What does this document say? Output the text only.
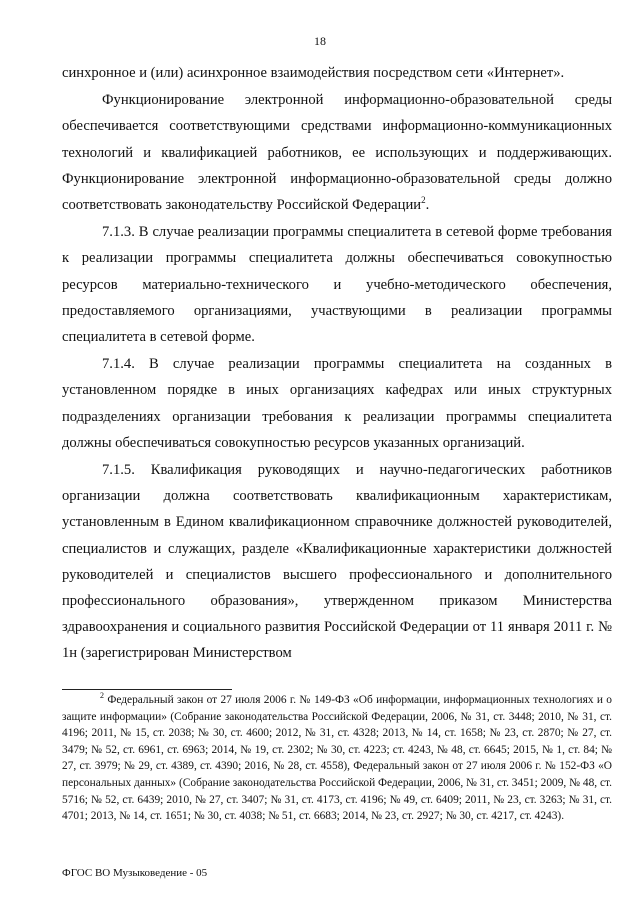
18

синхронное и (или) асинхронное взаимодействия посредством сети «Интернет».

Функционирование электронной информационно-образовательной среды обеспечивается соответствующими средствами информационно-коммуникационных технологий и квалификацией работников, ее использующих и поддерживающих. Функционирование электронной информационно-образовательной среды должно соответствовать законодательству Российской Федерации$^2$.

7.1.3. В случае реализации программы специалитета в сетевой форме требования к реализации программы специалитета должны обеспечиваться совокупностью ресурсов материально-технического и учебно-методического обеспечения, предоставляемого организациями, участвующими в реализации программы специалитета в сетевой форме.

7.1.4. В случае реализации программы специалитета на созданных в установленном порядке в иных организациях кафедрах или иных структурных подразделениях организации требования к реализации программы специалитета должны обеспечиваться совокупностью ресурсов указанных организаций.

7.1.5. Квалификация руководящих и научно-педагогических работников организации должна соответствовать квалификационным характеристикам, установленным в Едином квалификационном справочнике должностей руководителей, специалистов и служащих, разделе «Квалификационные характеристики должностей руководителей и специалистов высшего профессионального и дополнительного профессионального образования», утвержденном приказом Министерства здравоохранения и социального развития Российской Федерации от 11 января 2011 г. № 1н (зарегистрирован Министерством

$^2$ Федеральный закон от 27 июля 2006 г. № 149-ФЗ «Об информации, информационных технологиях и о защите информации» (Собрание законодательства Российской Федерации, 2006, № 31, ст. 3448; 2010, № 31, ст. 4196; 2011, № 15, ст. 2038; № 30, ст. 4600; 2012, № 31, ст. 4328; 2013, № 14, ст. 1658; № 23, ст. 2870; № 27, ст. 3479; № 52, ст. 6961, ст. 6963; 2014, № 19, ст. 2302; № 30, ст. 4223; ст. 4243, № 48, ст. 6645; 2015, № 1, ст. 84; № 27, ст. 3979; № 29, ст. 4389, ст. 4390; 2016, № 28, ст. 4558), Федеральный закон от 27 июля 2006 г. № 152-ФЗ «О персональных данных» (Собрание законодательства Российской Федерации, 2006, № 31, ст. 3451; 2009, № 48, ст. 5716; № 52, ст. 6439; 2010, № 27, ст. 3407; № 31, ст. 4173, ст. 4196; № 49, ст. 6409; 2011, № 23, ст. 3263; № 31, ст. 4701; 2013, № 14, ст. 1651; № 30, ст. 4038; № 51, ст. 6683; 2014, № 23, ст. 2927; № 30, ст. 4217, ст. 4243).

ФГОС ВО Музыковедение - 05
